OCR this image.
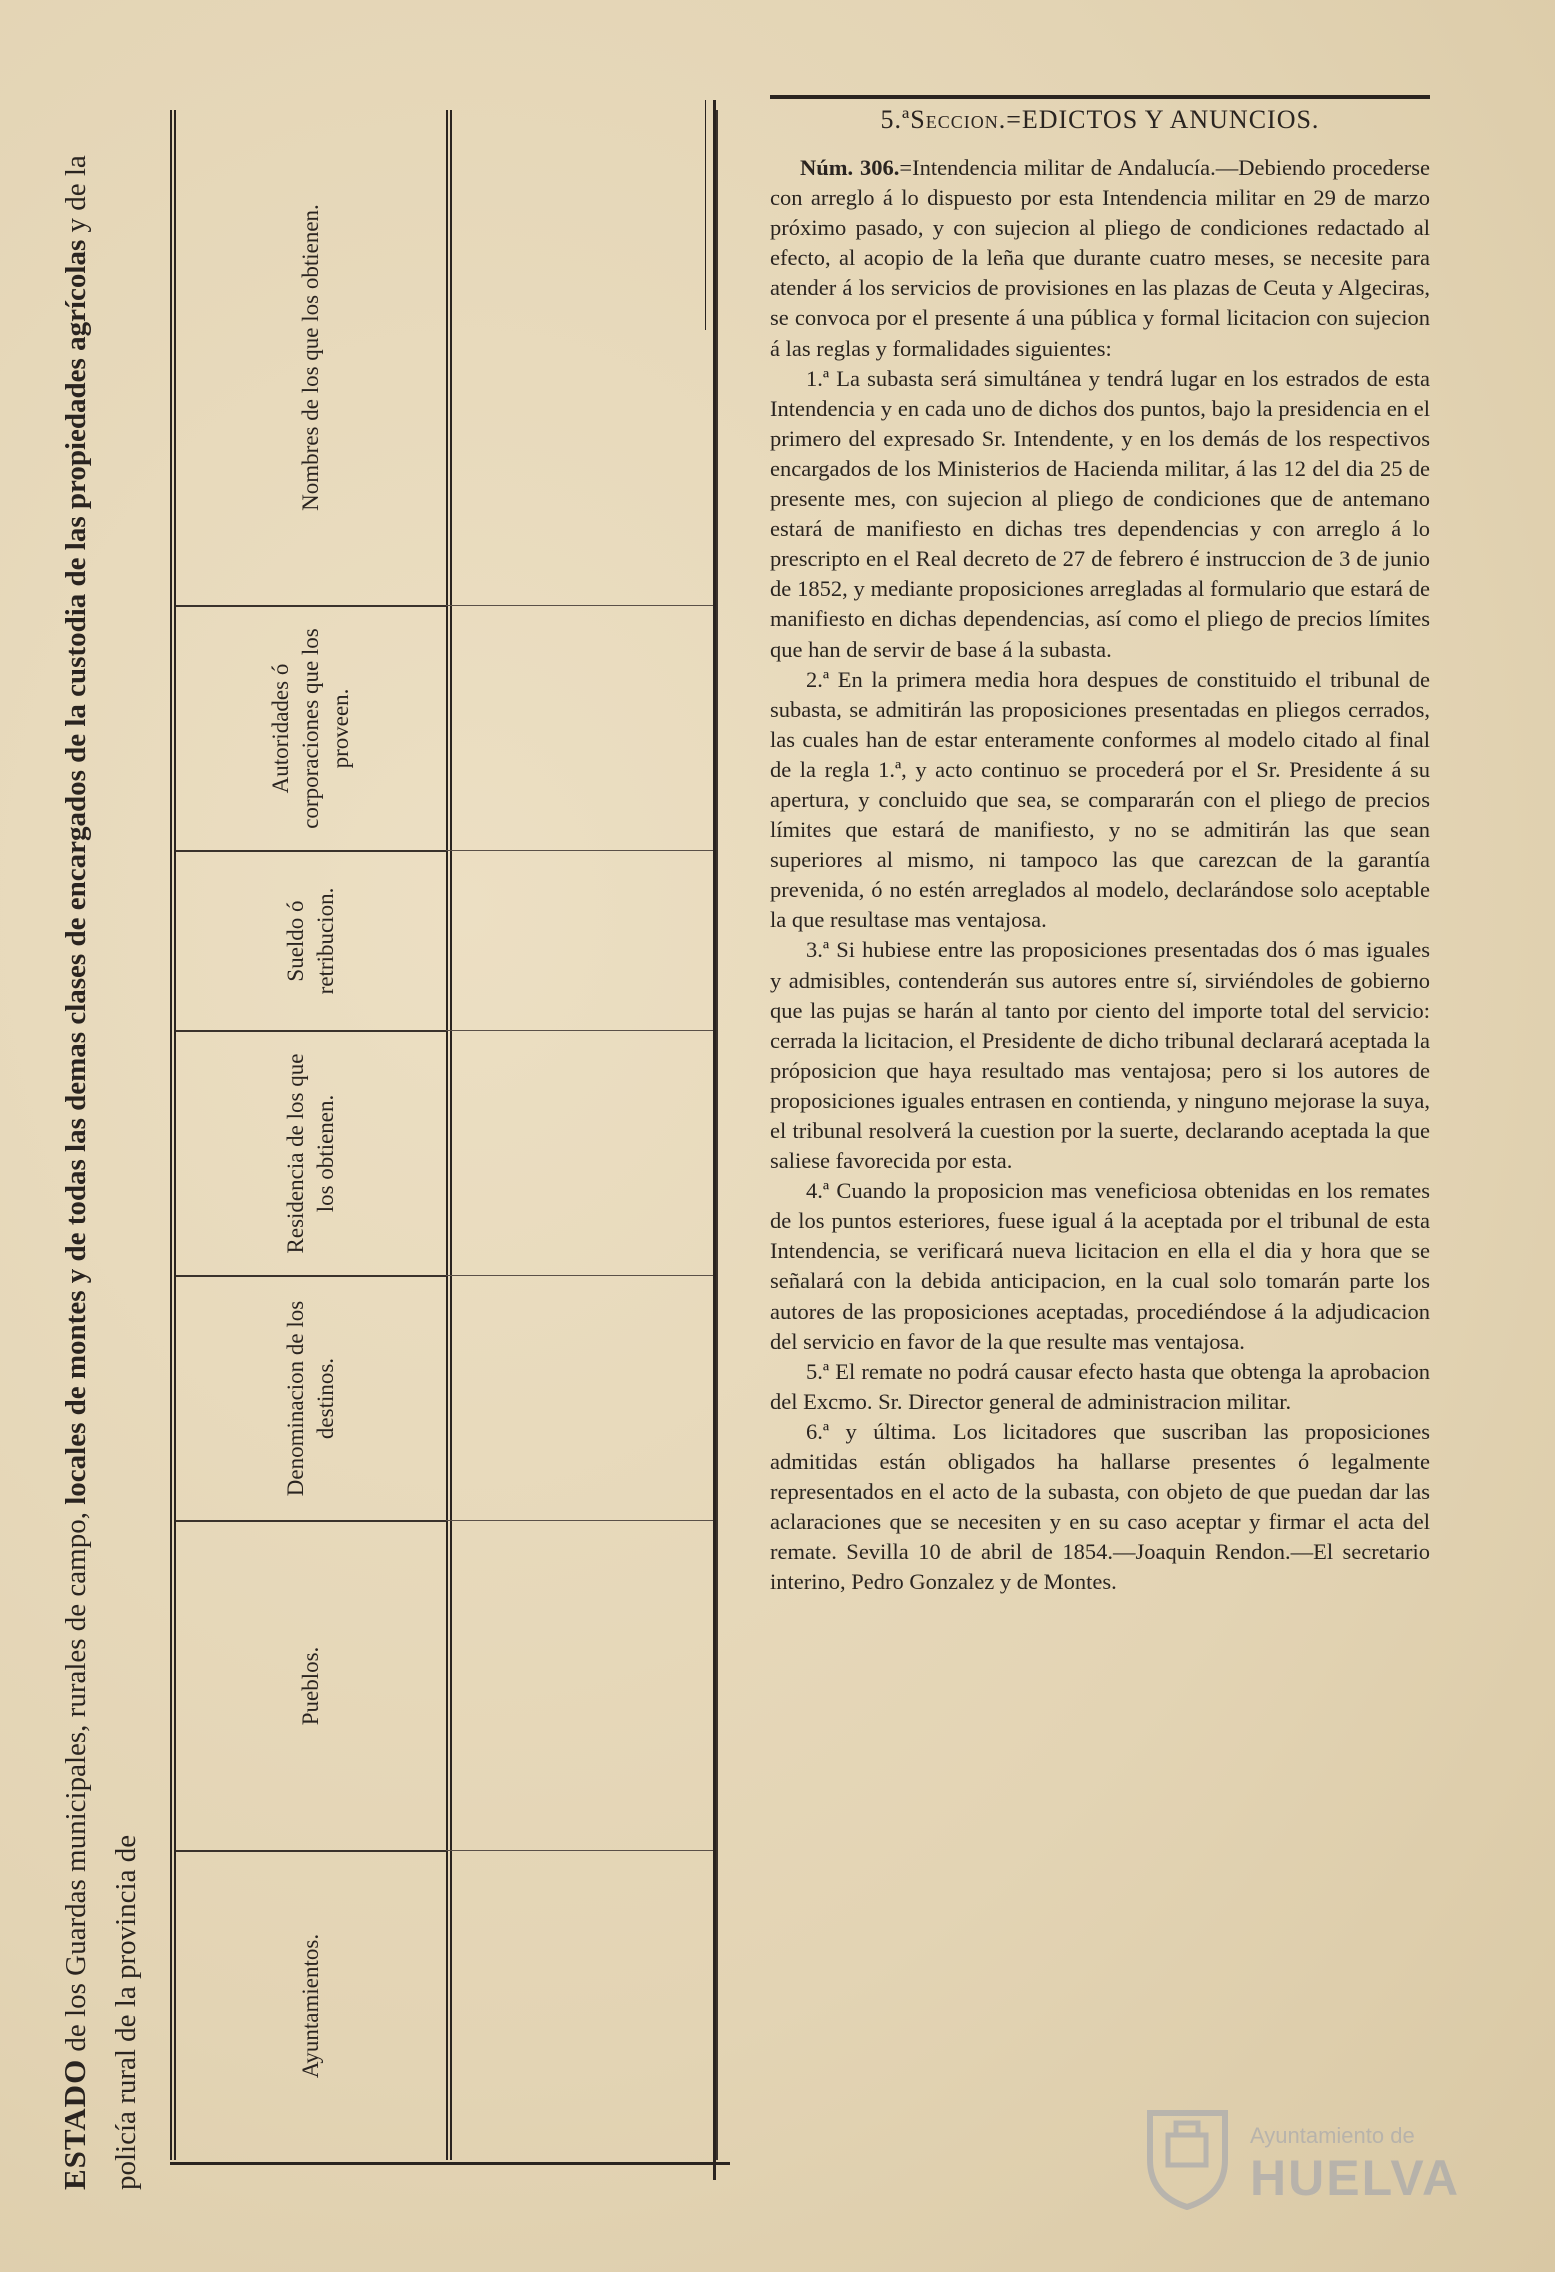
ESTADO de los Guardas municipales, rurales de campo, locales de montes y de todas las demas clases de encargados de la custodia de las propiedades agrícolas y de la policía rural de la provincia de	Ayuntamientos.
Pueblos.
Denominacion de los destinos.
Residencia de los que los obtienen.
Sueldo ó retribucion.
Autoridades ó corporaciones que los proveen.
Nombres de los que los obtienen.
5.ªSeccion.=EDICTOS Y ANUNCIOS.

Núm. 306.=Intendencia militar de Andalucía.—Debiendo procederse con arreglo á lo dispuesto por esta Intendencia militar en 29 de marzo próximo pasado, y con sujecion al pliego de condiciones redactado al efecto, al acopio de la leña que durante cuatro meses, se necesite para atender á los servicios de provisiones en las plazas de Ceuta y Algeciras, se convoca por el presente á una pública y formal licitacion con sujecion á las reglas y formalidades siguientes:

1.ª La subasta será simultánea y tendrá lugar en los estrados de esta Intendencia y en cada uno de dichos dos puntos, bajo la presidencia en el primero del expresado Sr. Intendente, y en los demás de los respectivos encargados de los Ministerios de Hacienda militar, á las 12 del dia 25 de presente mes, con sujecion al pliego de condiciones que de antemano estará de manifiesto en dichas tres dependencias y con arreglo á lo prescripto en el Real decreto de 27 de febrero é instruccion de 3 de junio de 1852, y mediante proposiciones arregladas al formulario que estará de manifiesto en dichas dependencias, así como el pliego de precios límites que han de servir de base á la subasta.

2.ª En la primera media hora despues de constituido el tribunal de subasta, se admitirán las proposiciones presentadas en pliegos cerrados, las cuales han de estar enteramente conformes al modelo citado al final de la regla 1.ª, y acto continuo se procederá por el Sr. Presidente á su apertura, y concluido que sea, se compararán con el pliego de precios límites que estará de manifiesto, y no se admitirán las que sean superiores al mismo, ni tampoco las que carezcan de la garantía prevenida, ó no estén arreglados al modelo, declarándose solo aceptable la que resultase mas ventajosa.

3.ª Si hubiese entre las proposiciones presentadas dos ó mas iguales y admisibles, contenderán sus autores entre sí, sirviéndoles de gobierno que las pujas se harán al tanto por ciento del importe total del servicio: cerrada la licitacion, el Presidente de dicho tribunal declarará aceptada la próposicion que haya resultado mas ventajosa; pero si los autores de proposiciones iguales entrasen en contienda, y ninguno mejorase la suya, el tribunal resolverá la cuestion por la suerte, declarando aceptada la que saliese favorecida por esta.

4.ª Cuando la proposicion mas veneficiosa obtenidas en los remates de los puntos esteriores, fuese igual á la aceptada por el tribunal de esta Intendencia, se verificará nueva licitacion en ella el dia y hora que se señalará con la debida anticipacion, en la cual solo tomarán parte los autores de las proposiciones aceptadas, procediéndose á la adjudicacion del servicio en favor de la que resulte mas ventajosa.

5.ª El remate no podrá causar efecto hasta que obtenga la aprobacion del Excmo. Sr. Director general de administracion militar.

6.ª y última. Los licitadores que suscriban las proposiciones admitidas están obligados ha hallarse presentes ó legalmente representados en el acto de la subasta, con objeto de que puedan dar las aclaraciones que se necesiten y en su caso aceptar y firmar el acta del remate. Sevilla 10 de abril de 1854.—Joaquin Rendon.—El secretario interino, Pedro Gonzalez y de Montes.

Ayuntamiento de
HUELVA
